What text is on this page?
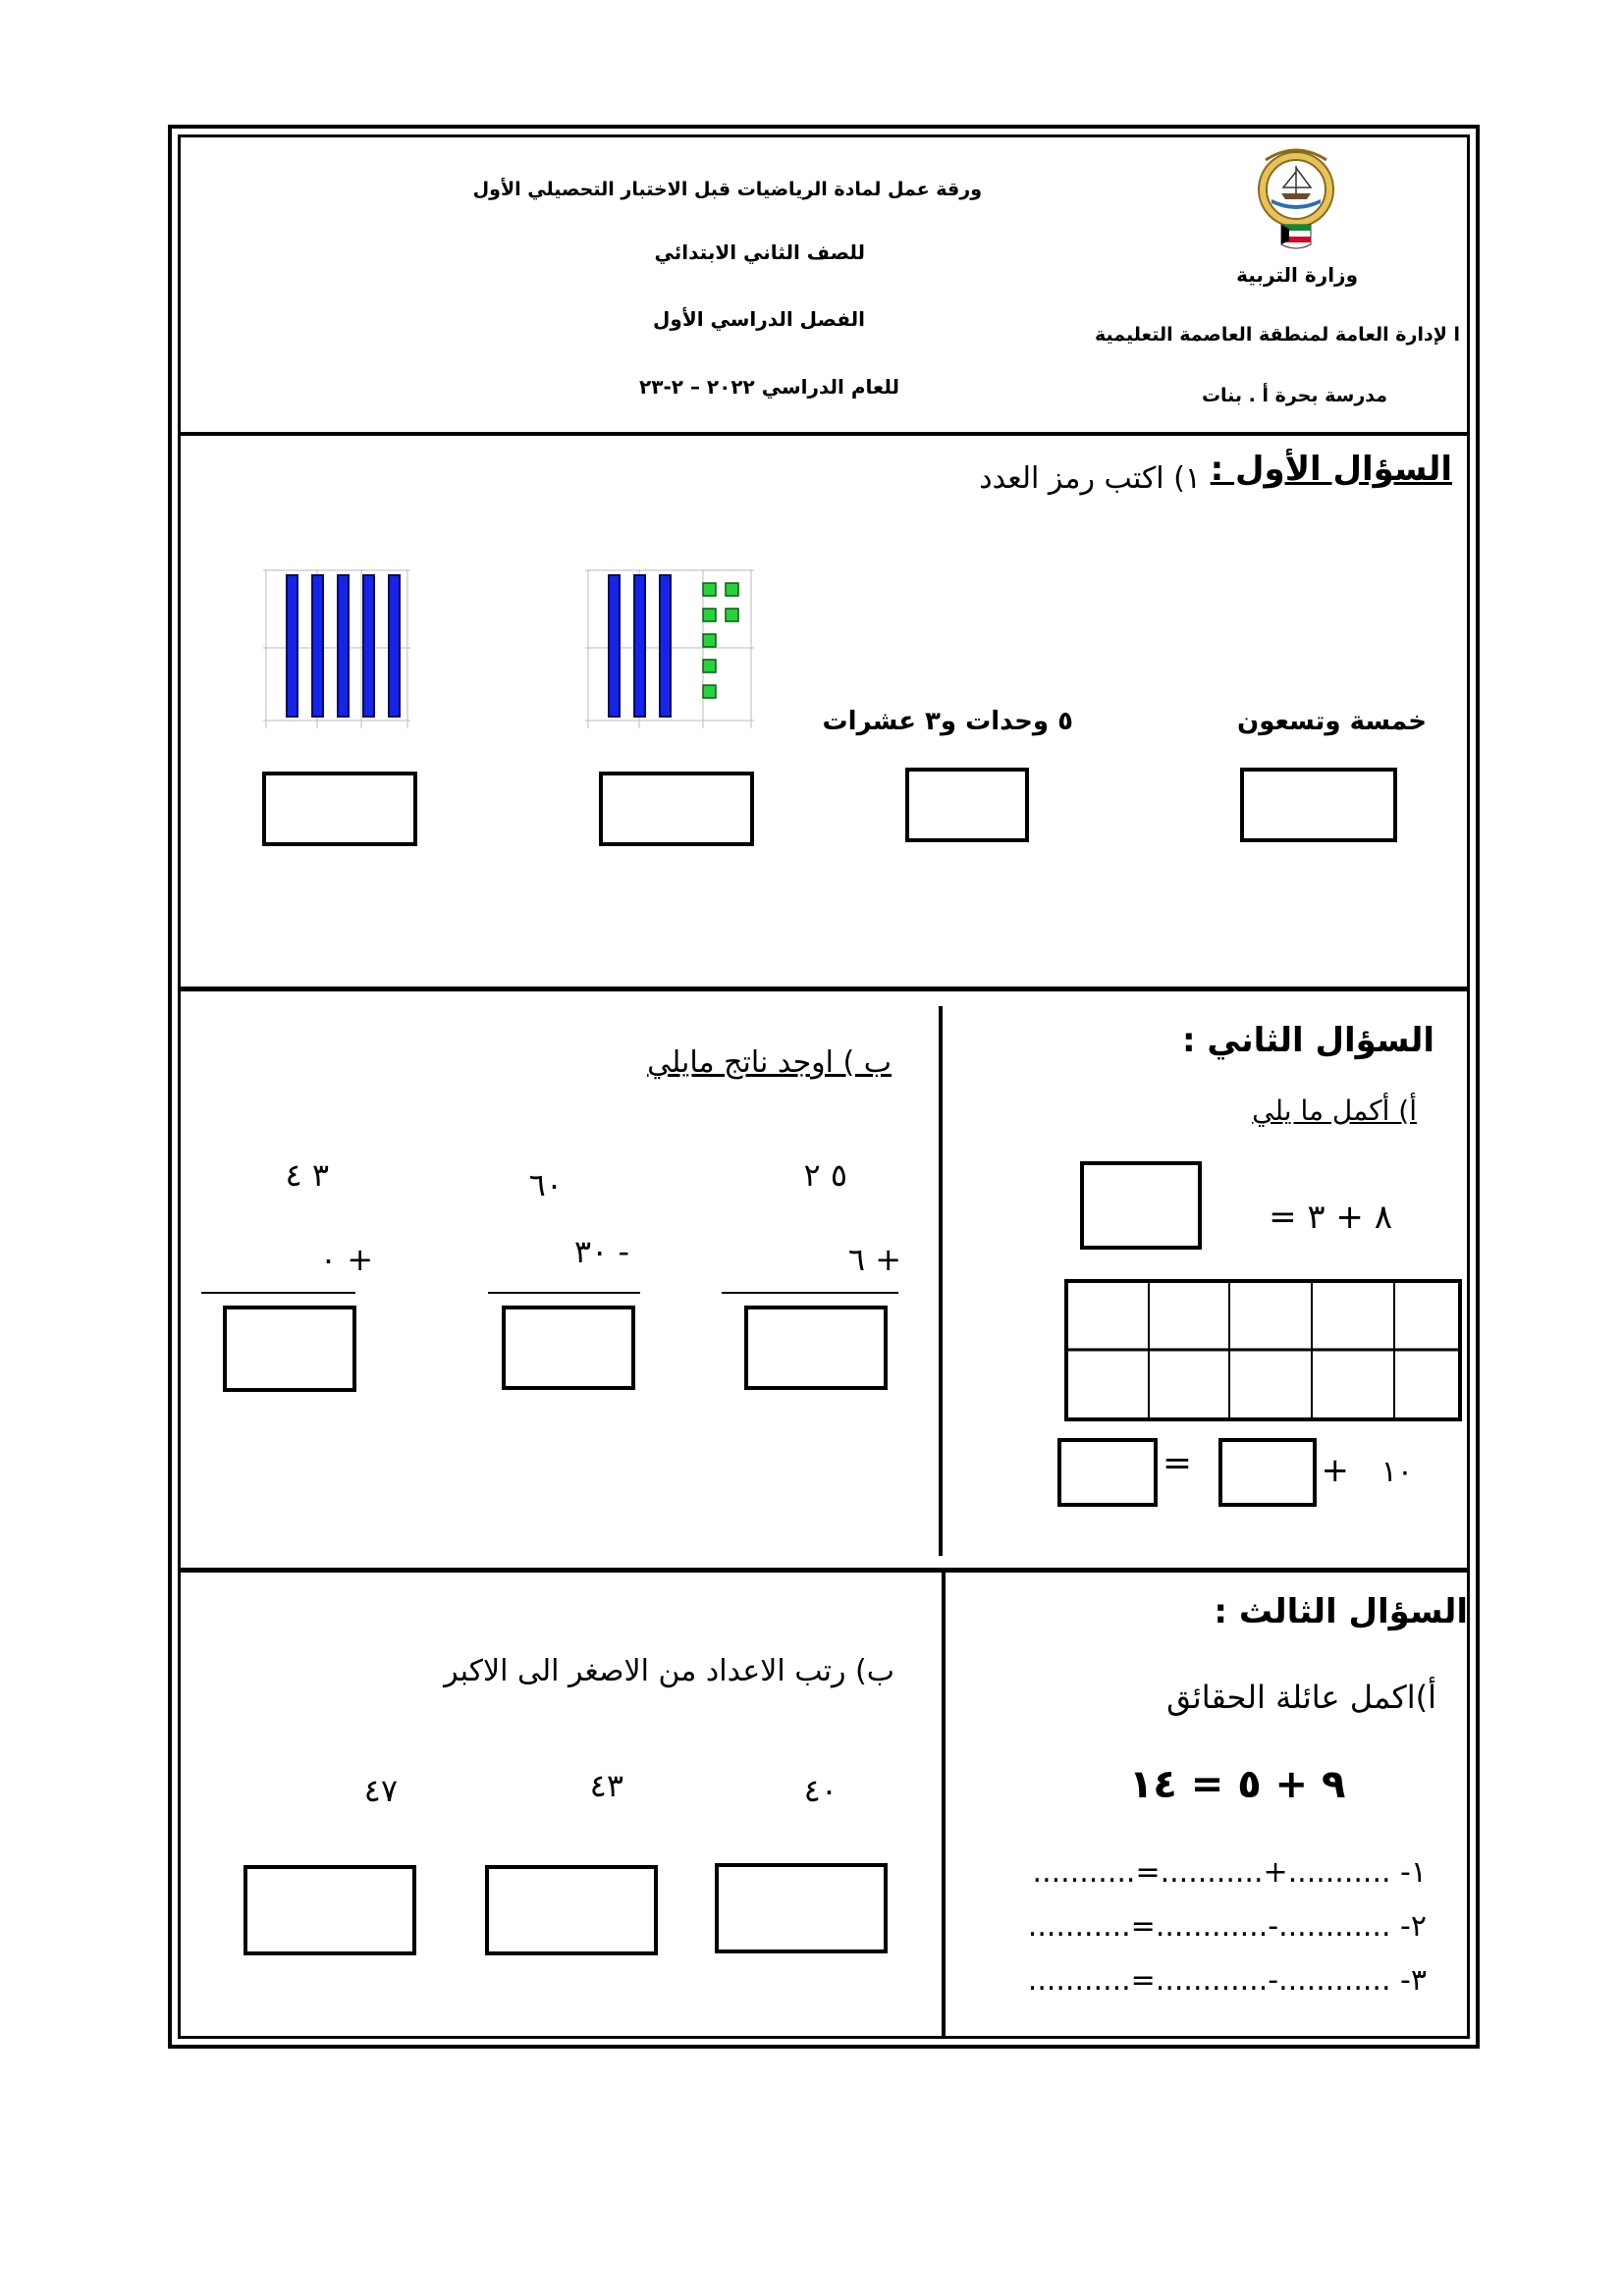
ورقة عمل لمادة الرياضيات قبل الاختبار التحصيلي الأول
للصف الثاني الابتدائي
الفصل الدراسي الأول
للعام الدراسي ٢٠٢٢ – ٢-٢٣
وزارة التربية
ا لإدارة العامة لمنطقة العاصمة التعليمية
مدرسة بحرة أ . بنات
السؤال الأول :
١) اكتب رمز العدد
خمسة وتسعون
٥ وحدات و٣ عشرات
السؤال الثاني :
أ) أكمل ما يلي
٨ + ٣ =
=	+ ١٠
ب ) اوجد ناتج مايلي
٥ ٢
+ ٦
٦٠
- ٣٠
٣ ٤
+ ٠
السؤال الثالث :
أ)اكمل عائلة الحقائق
٩ + ٥ = ١٤
١- ...........+...........=...........
٢- ............-............=...........
٣- ............-............=...........
ب) رتب الاعداد من الاصغر الى الاكبر
٤٠
٤٣
٤٧
